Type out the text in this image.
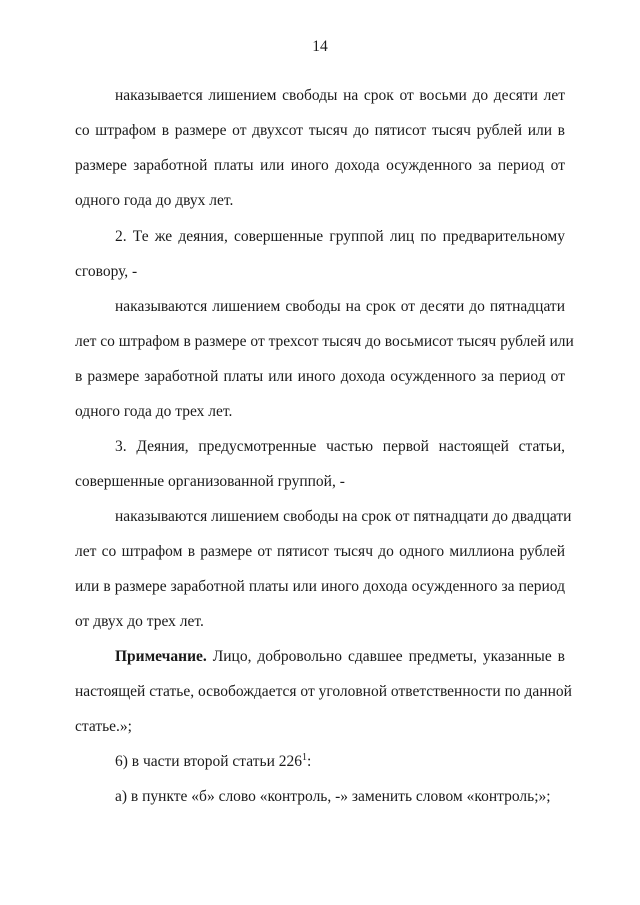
14
наказывается лишением свободы на срок от восьми до десяти лет
со штрафом в размере от двухсот тысяч до пятисот тысяч рублей или в
размере заработной платы или иного дохода осужденного за период от
одного года до двух лет.
2. Те же деяния, совершенные группой лиц по предварительному
сговору, -
наказываются лишением свободы на срок от десяти до пятнадцати
лет со штрафом в размере от трехсот тысяч до восьмисот тысяч рублей или
в размере заработной платы или иного дохода осужденного за период от
одного года до трех лет.
3. Деяния, предусмотренные частью первой настоящей статьи,
совершенные организованной группой, -
наказываются лишением свободы на срок от пятнадцати до двадцати
лет со штрафом в размере от пятисот тысяч до одного миллиона рублей
или в размере заработной платы или иного дохода осужденного за период
от двух до трех лет.
Примечание. Лицо, добровольно сдавшее предметы, указанные в
настоящей статье, освобождается от уголовной ответственности по данной
статье.»;
6) в части второй статьи $226^1$:
а) в пункте «б» слово «контроль, -» заменить словом «контроль;»;
